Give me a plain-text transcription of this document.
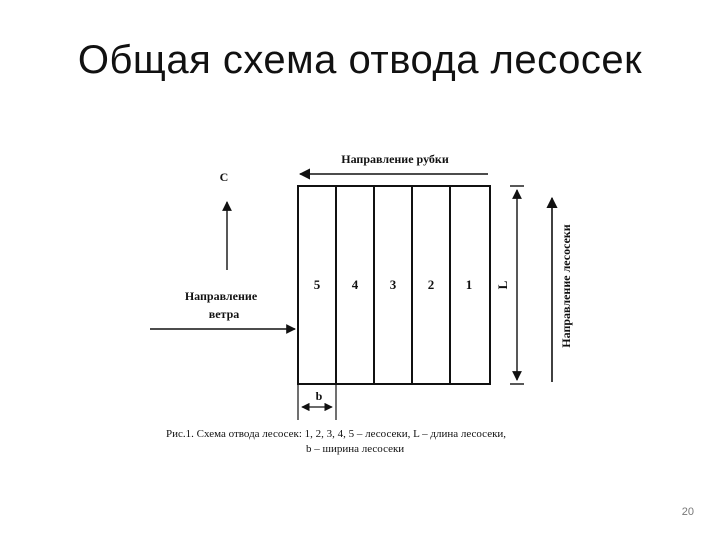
Общая схема отвода лесосек
Направление рубки
С
Направление
ветра
5 4 3 2 1 L	Направление лесосеки
b
Рис.1. Схема отвода лесосек: 1, 2, 3, 4, 5 – лесосеки, L – длина лесосеки,
b – ширина лесосеки
20
